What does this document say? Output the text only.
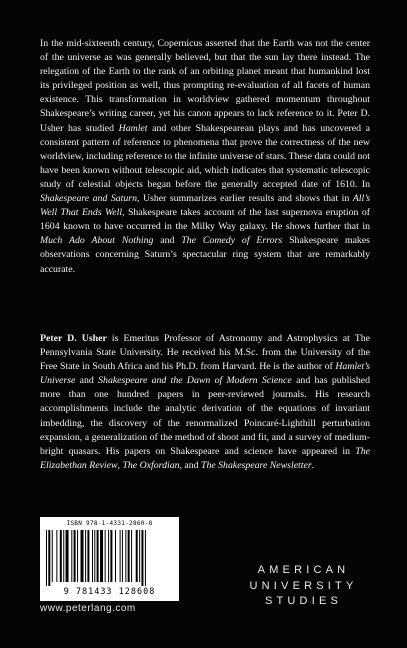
In the mid-sixteenth century, Copernicus asserted that the Earth was not the center of the universe as was generally believed, but that the sun lay there instead. The relegation of the Earth to the rank of an orbiting planet meant that humankind lost its privileged position as well, thus prompting re-evaluation of all facets of human existence. This transformation in worldview gathered momentum throughout Shakespeare’s writing career, yet his canon appears to lack reference to it. Peter D. Usher has studied Hamlet and other Shakespearean plays and has uncovered a consistent pattern of reference to phenomena that prove the correctness of the new worldview, including reference to the infinite universe of stars. These data could not have been known without telescopic aid, which indicates that systematic telescopic study of celestial objects began before the generally accepted date of 1610. In Shakespeare and Saturn, Usher summarizes earlier results and shows that in All’s Well That Ends Well, Shakespeare takes account of the last supernova eruption of 1604 known to have occurred in the Milky Way galaxy. He shows further that in Much Ado About Nothing and The Comedy of Errors Shakespeare makes observations concerning Saturn’s spectacular ring system that are remarkably accurate.

Peter D. Usher is Emeritus Professor of Astronomy and Astrophysics at The Pennsylvania State University. He received his M.Sc. from the University of the Free State in South Africa and his Ph.D. from Harvard. He is the author of Hamlet’s Universe and Shakespeare and the Dawn of Modern Science and has published more than one hundred papers in peer-reviewed journals. His research accomplishments include the analytic derivation of the equations of invariant imbedding, the discovery of the renormalized Poincaré-Lighthill perturbation expansion, a generalization of the method of shoot and fit, and a survey of medium-bright quasars. His papers on Shakespeare and science have appeared in The Elizabethan Review, The Oxfordian, and The Shakespeare Newsletter.

ISBN 978-1-4331-2860-8
9 781433 128608
www.peterlang.com
AMERICAN
UNIVERSITY
STUDIES
